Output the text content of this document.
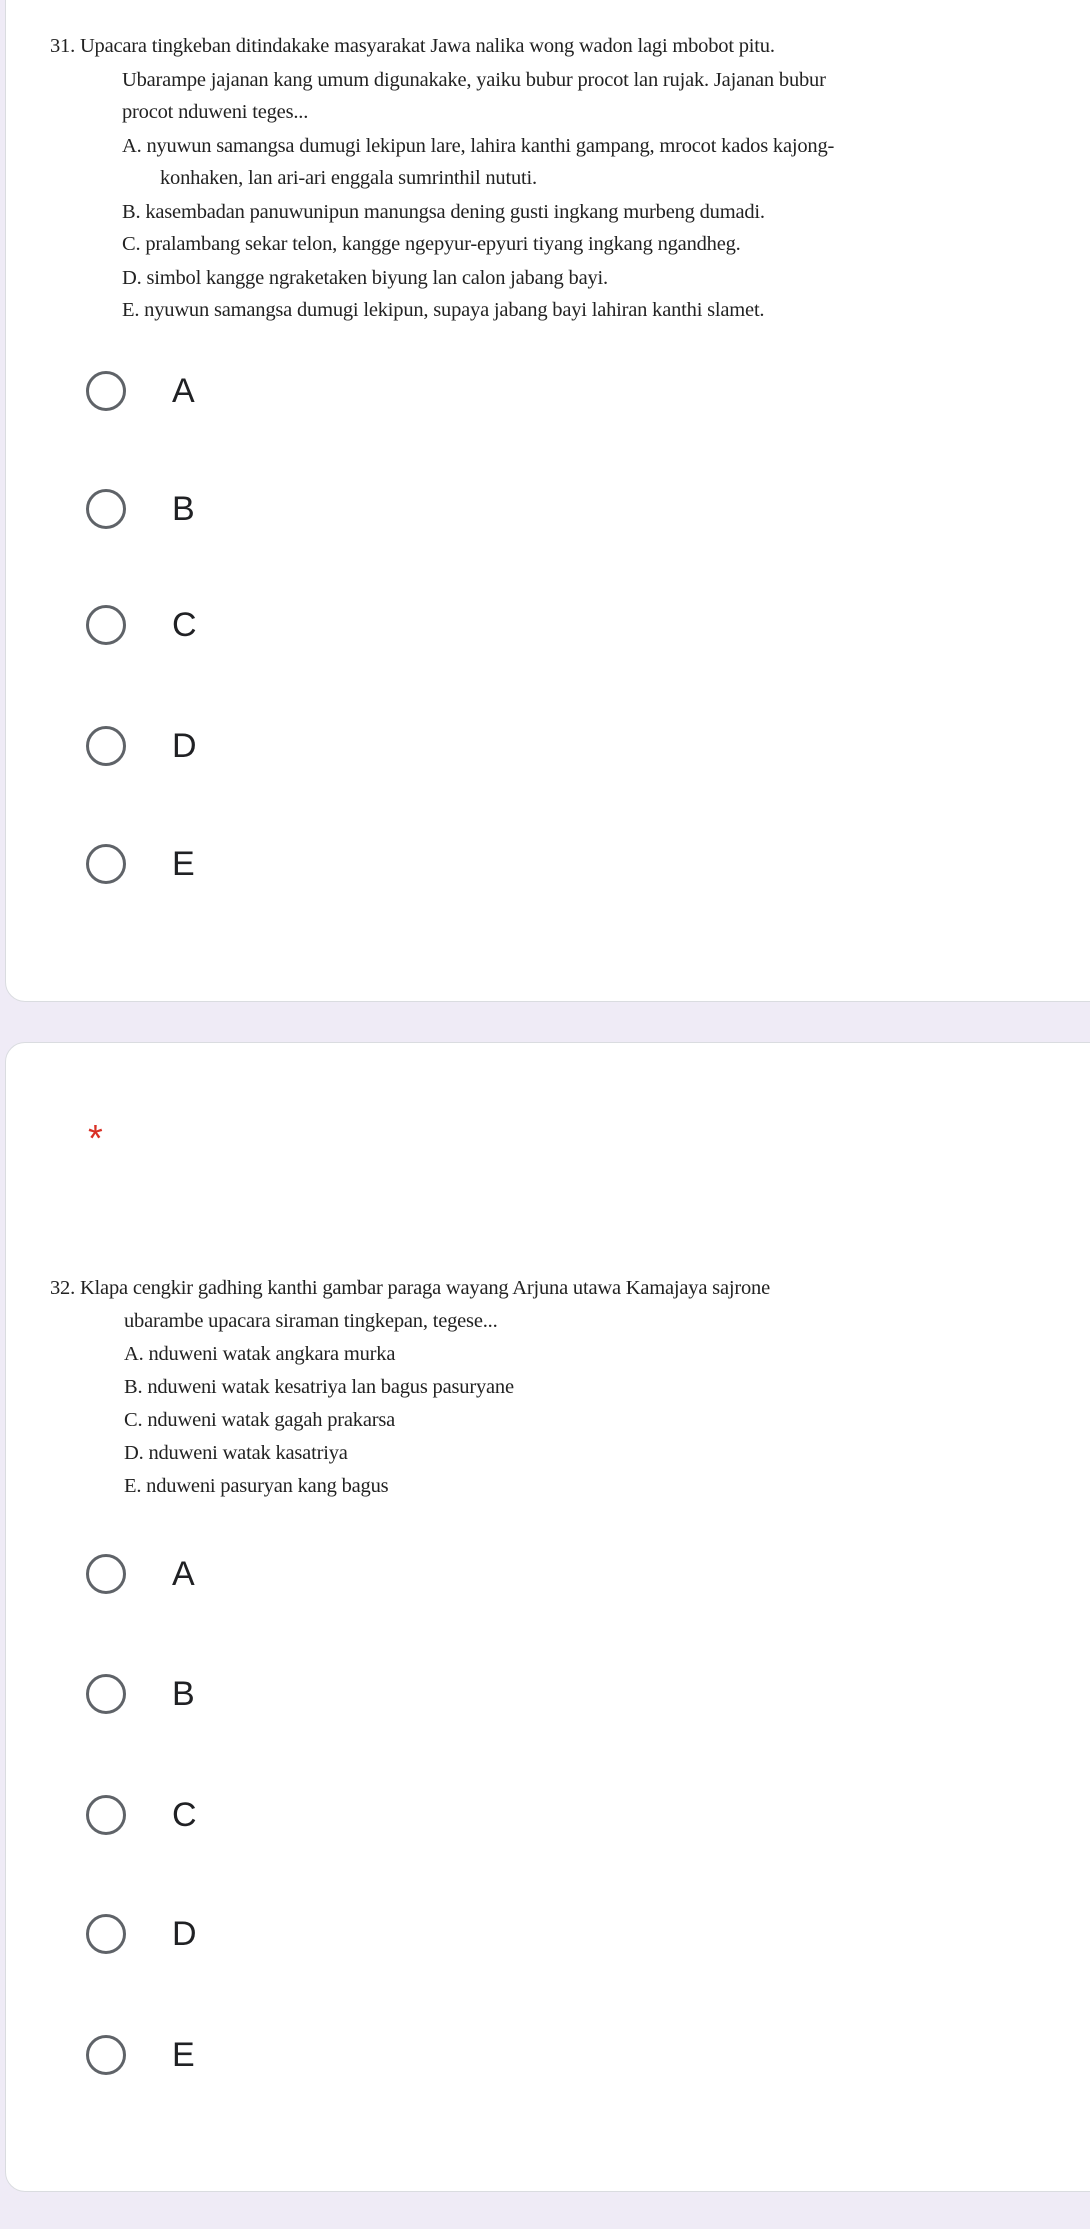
31. Upacara tingkeban ditindakake masyarakat Jawa nalika wong wadon lagi mbobot pitu.
Ubarampe jajanan kang umum digunakake, yaiku bubur procot lan rujak. Jajanan bubur
procot nduweni teges...
A. nyuwun samangsa dumugi lekipun lare, lahira kanthi gampang, mrocot kados kajong-
konhaken, lan ari-ari enggala sumrinthil nututi.
B. kasembadan panuwunipun manungsa dening gusti ingkang murbeng dumadi.
C. pralambang sekar telon, kangge ngepyur-epyuri tiyang ingkang ngandheg.
D. simbol kangge ngraketaken biyung lan calon jabang bayi.
E. nyuwun samangsa dumugi lekipun, supaya jabang bayi lahiran kanthi slamet.
32. Klapa cengkir gadhing kanthi gambar paraga wayang Arjuna utawa Kamajaya sajrone
ubarambe upacara siraman tingkepan, tegese...
A. nduweni watak angkara murka
B. nduweni watak kesatriya lan bagus pasuryane
C. nduweni watak gagah prakarsa
D. nduweni watak kasatriya
E. nduweni pasuryan kang bagus
*
A
B
C
D
E
A
B
C
D
E
